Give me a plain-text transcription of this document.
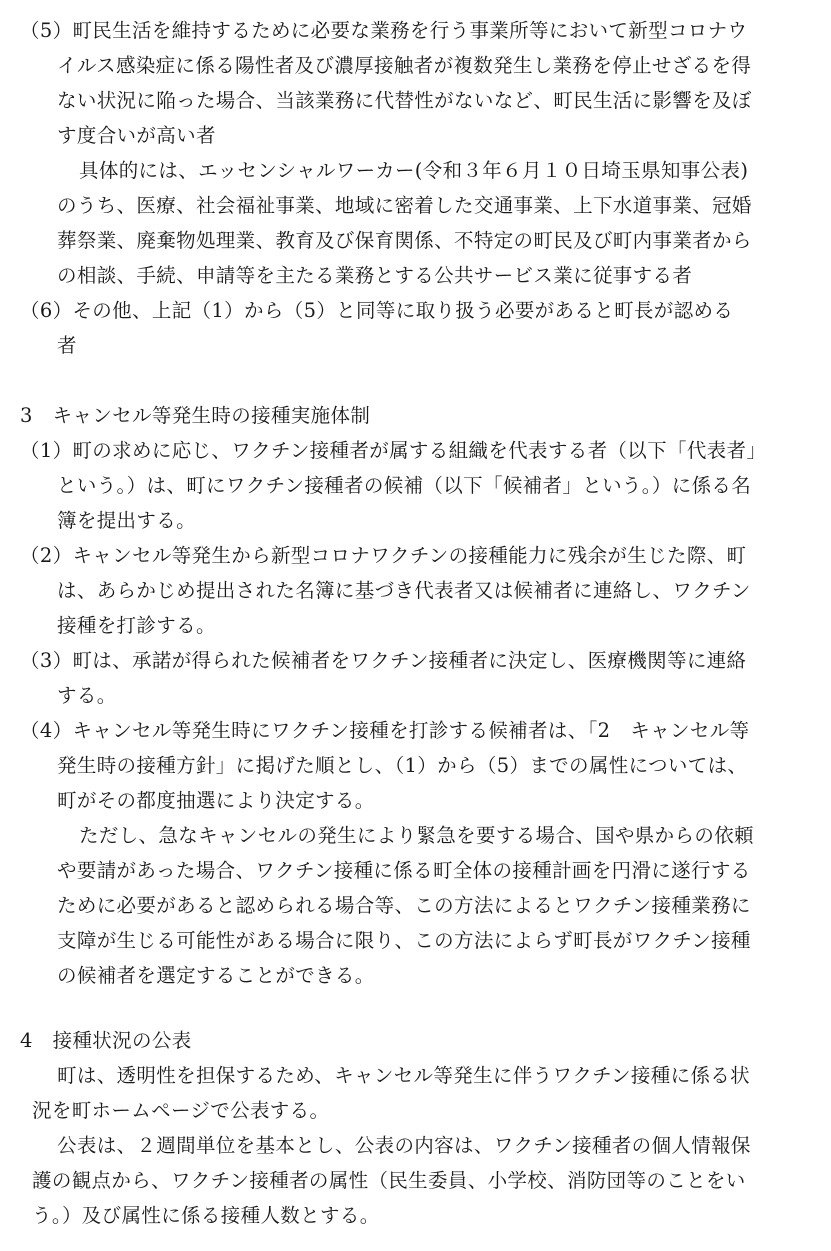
（5）町民生活を維持するために必要な業務を行う事業所等において新型コロナウ
イルス感染症に係る陽性者及び濃厚接触者が複数発生し業務を停止せざるを得
ない状況に陥った場合、当該業務に代替性がないなど、町民生活に影響を及ぼ
す度合いが高い者
具体的には、エッセンシャルワーカー(令和３年６月１０日埼玉県知事公表)
のうち、医療、社会福祉事業、地域に密着した交通事業、上下水道事業、冠婚
葬祭業、廃棄物処理業、教育及び保育関係、不特定の町民及び町内事業者から
の相談、手続、申請等を主たる業務とする公共サービス業に従事する者
（6）その他、上記（1）から（5）と同等に取り扱う必要があると町長が認める
者
3　キャンセル等発生時の接種実施体制
（1）町の求めに応じ、ワクチン接種者が属する組織を代表する者（以下「代表者」
という。）は、町にワクチン接種者の候補（以下「候補者」という。）に係る名
簿を提出する。
（2）キャンセル等発生から新型コロナワクチンの接種能力に残余が生じた際、町
は、あらかじめ提出された名簿に基づき代表者又は候補者に連絡し、ワクチン
接種を打診する。
（3）町は、承諾が得られた候補者をワクチン接種者に決定し、医療機関等に連絡
する。
（4）キャンセル等発生時にワクチン接種を打診する候補者は、「2　キャンセル等
発生時の接種方針」に掲げた順とし、（1）から（5）までの属性については、
町がその都度抽選により決定する。
ただし、急なキャンセルの発生により緊急を要する場合、国や県からの依頼
や要請があった場合、ワクチン接種に係る町全体の接種計画を円滑に遂行する
ために必要があると認められる場合等、この方法によるとワクチン接種業務に
支障が生じる可能性がある場合に限り、この方法によらず町長がワクチン接種
の候補者を選定することができる。
4　接種状況の公表
町は、透明性を担保するため、キャンセル等発生に伴うワクチン接種に係る状
況を町ホームページで公表する。
公表は、２週間単位を基本とし、公表の内容は、ワクチン接種者の個人情報保
護の観点から、ワクチン接種者の属性（民生委員、小学校、消防団等のことをい
う。）及び属性に係る接種人数とする。
